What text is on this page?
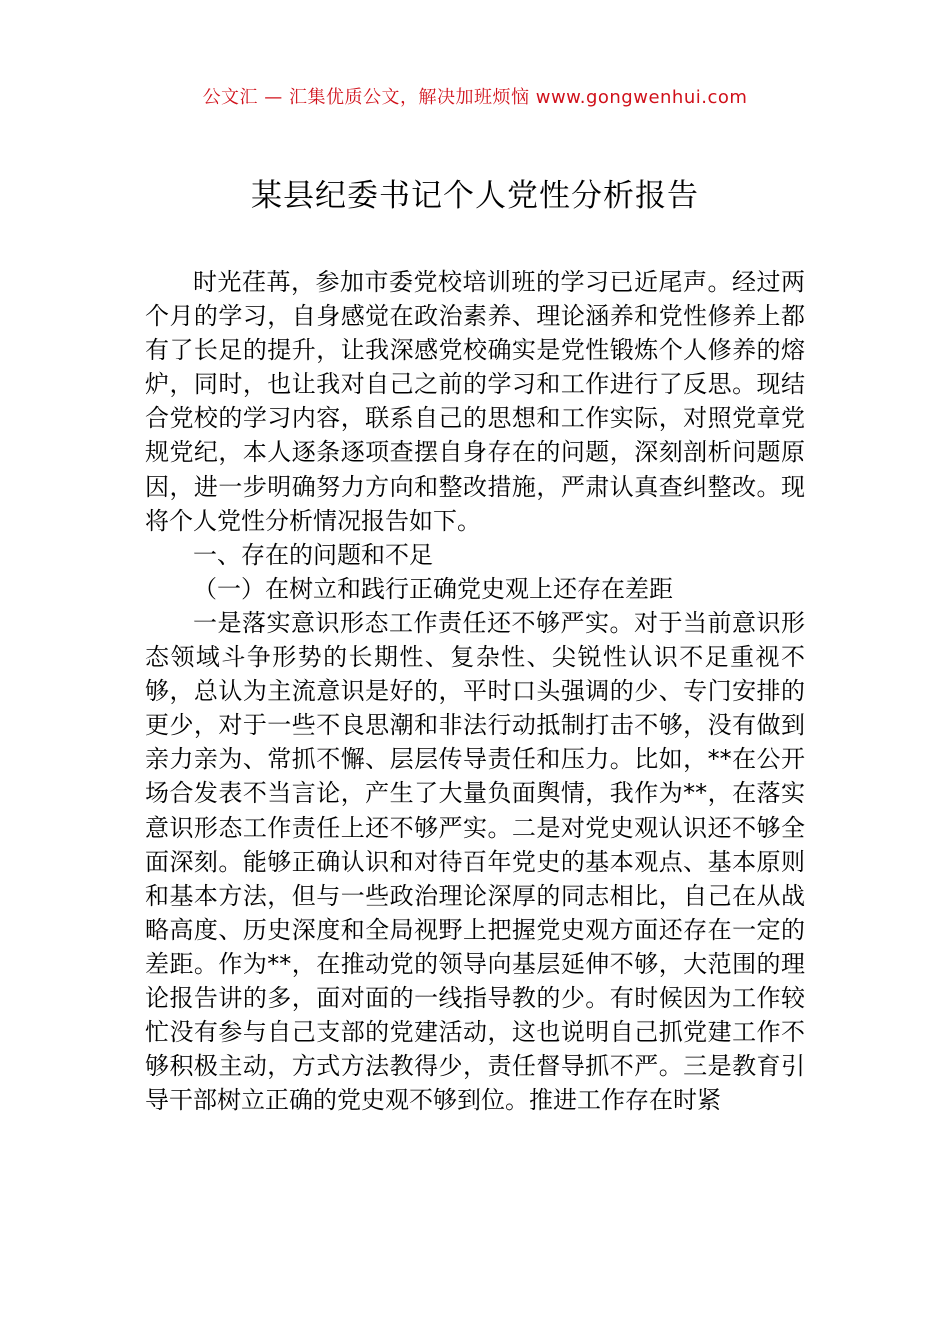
公文汇 — 汇集优质公文，解决加班烦恼 www.gongwenhui.com
某县纪委书记个人党性分析报告

时光荏苒，参加市委党校培训班的学习已近尾声。经过两个月的学习，自身感觉在政治素养、理论涵养和党性修养上都有了长足的提升，让我深感党校确实是党性锻炼个人修养的熔炉，同时，也让我对自己之前的学习和工作进行了反思。现结合党校的学习内容，联系自己的思想和工作实际，对照党章党规党纪，本人逐条逐项查摆自身存在的问题，深刻剖析问题原因，进一步明确努力方向和整改措施，严肃认真查纠整改。现将个人党性分析情况报告如下。

一、存在的问题和不足

（一）在树立和践行正确党史观上还存在差距

一是落实意识形态工作责任还不够严实。对于当前意识形态领域斗争形势的长期性、复杂性、尖锐性认识不足重视不够，总认为主流意识是好的，平时口头强调的少、专门安排的更少，对于一些不良思潮和非法行动抵制打击不够，没有做到亲力亲为、常抓不懈、层层传导责任和压力。比如，**在公开场合发表不当言论，产生了大量负面舆情，我作为**，在落实意识形态工作责任上还不够严实。二是对党史观认识还不够全面深刻。能够正确认识和对待百年党史的基本观点、基本原则和基本方法，但与一些政治理论深厚的同志相比，自己在从战略高度、历史深度和全局视野上把握党史观方面还存在一定的差距。作为**，在推动党的领导向基层延伸不够，大范围的理论报告讲的多，面对面的一线指导教的少。有时候因为工作较忙没有参与自己支部的党建活动，这也说明自己抓党建工作不够积极主动，方式方法教得少，责任督导抓不严。三是教育引导干部树立正确的党史观不够到位。推进工作存在时紧
